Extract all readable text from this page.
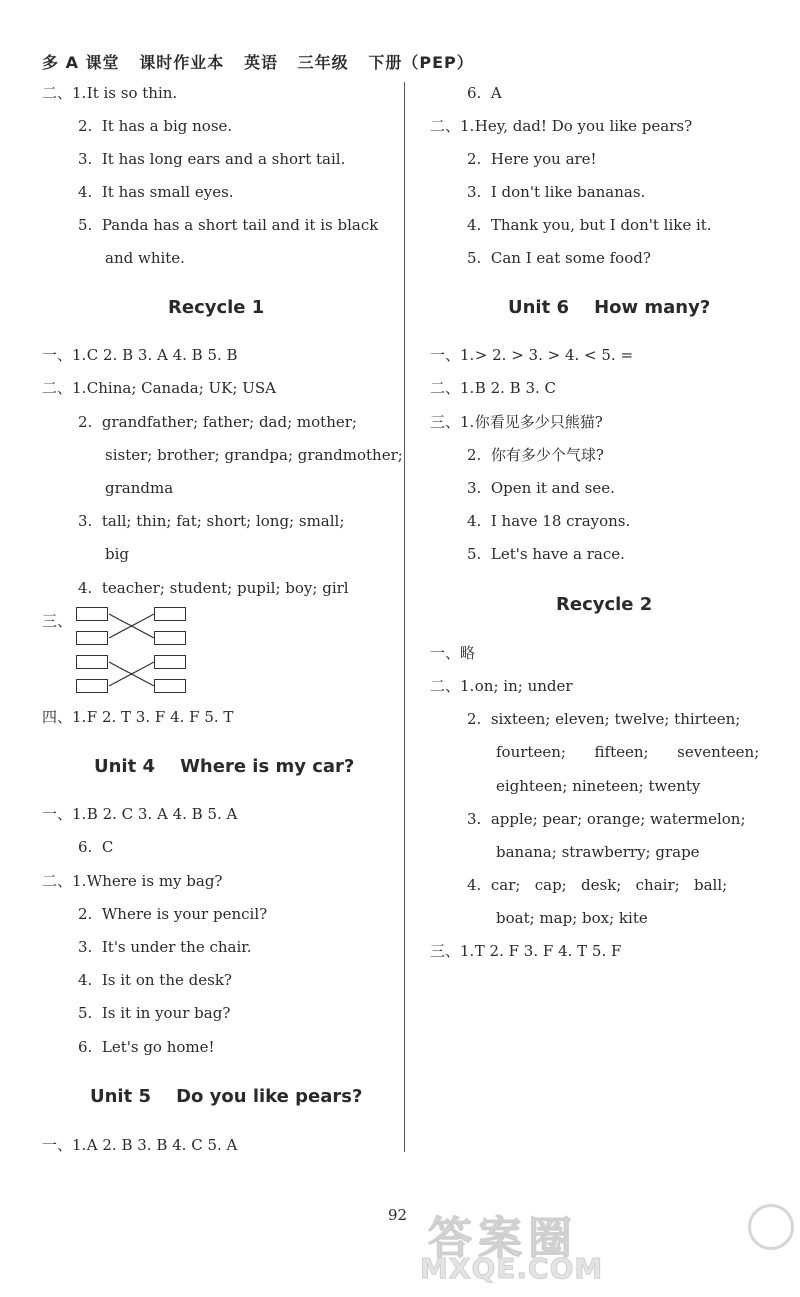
多 A 课堂   课时作业本   英语   三年级   下册（PEP）
二、1. It is so thin.
2. It has a big nose.
3. It has long ears and a short tail.
4. It has small eyes.
5. Panda has a short tail and it is black
and white.
Recycle 1
一、1. C 2. B 3. A 4. B 5. B
二、1. China; Canada; UK; USA
2. grandfather; father; dad; mother;
sister; brother; grandpa; grandmother;
grandma
3. tall; thin; fat; short; long; small;
big
4. teacher; student; pupil; boy; girl
三、
四、1. F 2. T 3. F 4. F 5. T
Unit 4    Where is my car?
一、1. B 2. C 3. A 4. B 5. A
6. C
二、1. Where is my bag?
2. Where is your pencil?
3. It's under the chair.
4. Is it on the desk?
5. Is it in your bag?
6. Let's go home!
Unit 5    Do you like pears?
一、1. A 2. B 3. B 4. C 5. A
6. A
二、1. Hey, dad! Do you like pears?
2. Here you are!
3. I don't like bananas.
4. Thank you, but I don't like it.
5. Can I eat some food?
Unit 6    How many?
一、1. > 2. > 3. > 4. < 5. =
二、1. B 2. B 3. C
三、1. 你看见多少只熊猫?
2. 你有多少个气球?
3. Open it and see.
4. I have 18 crayons.
5. Let's have a race.
Recycle 2
一、略
二、1. on; in; under
2. sixteen; eleven; twelve; thirteen;
fourteen;      fifteen;      seventeen;
eighteen; nineteen; twenty
3. apple; pear; orange; watermelon;
banana; strawberry; grape
4. car;   cap;   desk;   chair;   ball;
boat; map; box; kite
三、1. T 2. F 3. F 4. T 5. F
92 答案圈
MXQE.COM
